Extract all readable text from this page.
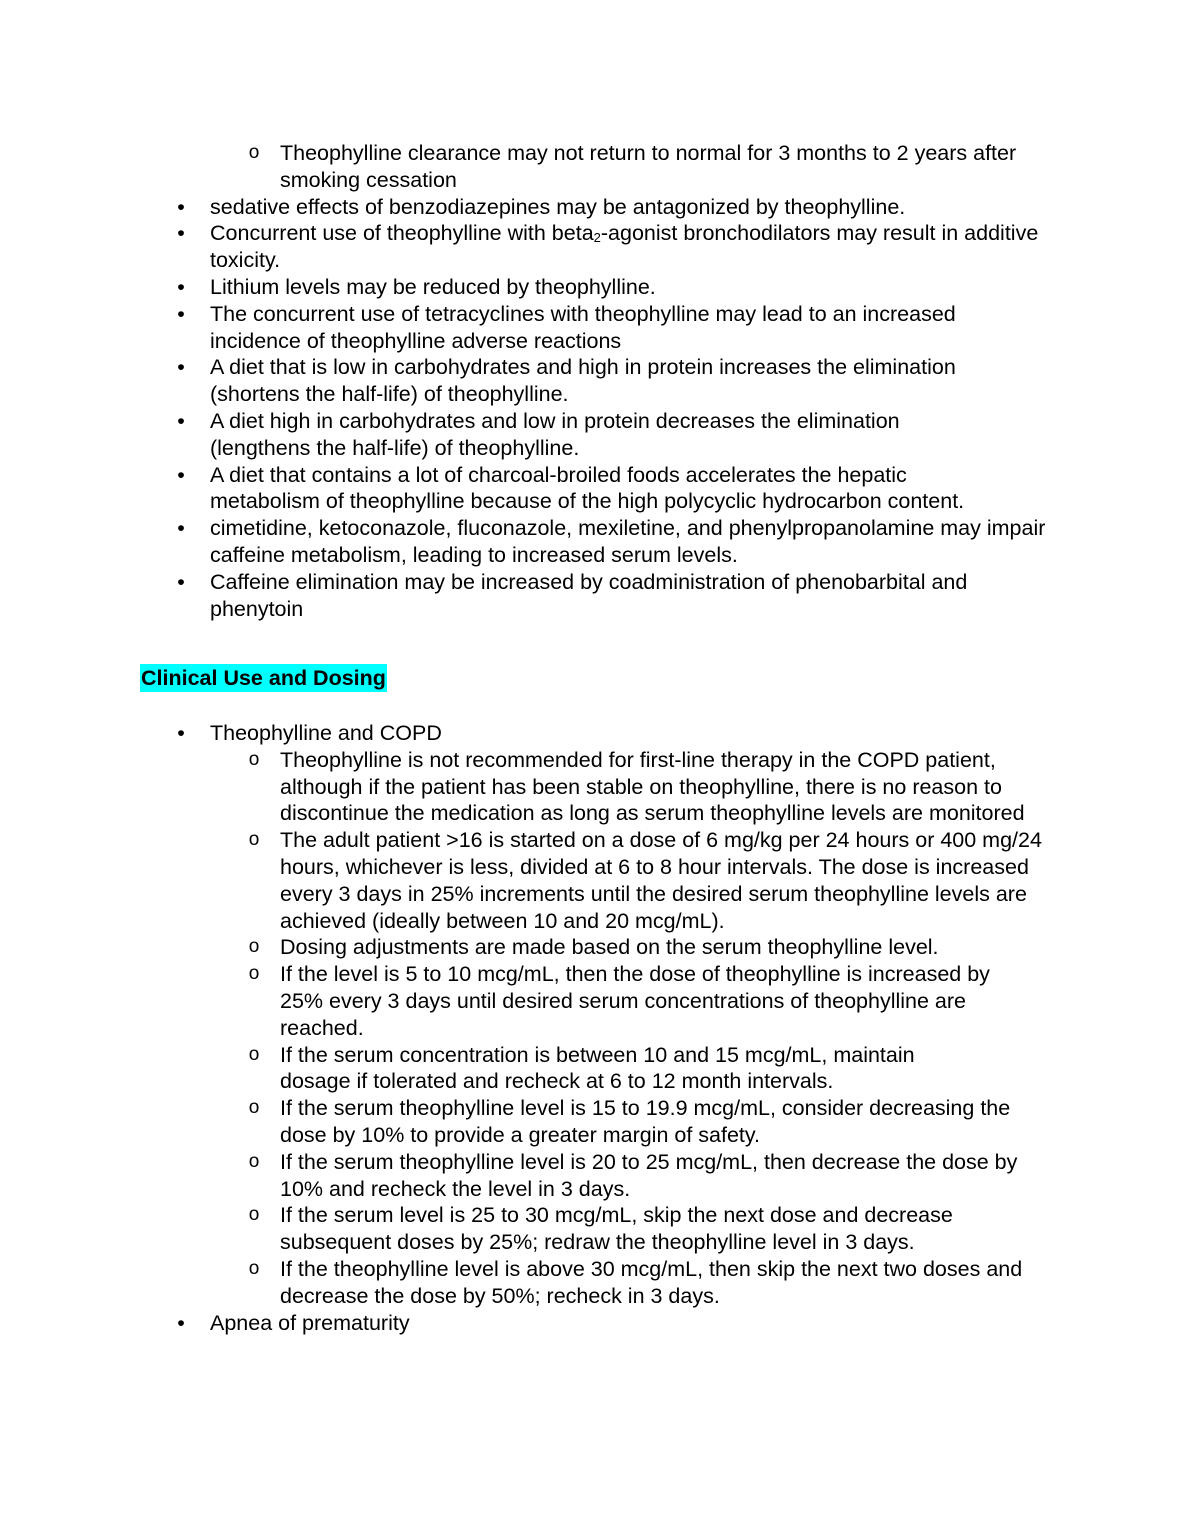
o Theophylline clearance may not return to normal for 3 months to 2 years after smoking cessation
•	sedative effects of benzodiazepines may be antagonized by theophylline.
•	Concurrent use of theophylline with beta$_2$-agonist bronchodilators may result in additive toxicity.
•	Lithium levels may be reduced by theophylline.
•	The concurrent use of tetracyclines with theophylline may lead to an increased incidence of theophylline adverse reactions
•	A diet that is low in carbohydrates and high in protein increases the elimination (shortens the half-life) of theophylline.
•	A diet high in carbohydrates and low in protein decreases the elimination (lengthens the half-life) of theophylline.
•	A diet that contains a lot of charcoal-broiled foods accelerates the hepatic metabolism of theophylline because of the high polycyclic hydrocarbon content.
•	cimetidine, ketoconazole, fluconazole, mexiletine, and phenylpropanolamine may impair caffeine metabolism, leading to increased serum levels.
•	Caffeine elimination may be increased by coadministration of phenobarbital and phenytoin
Clinical Use and Dosing
•	Theophylline and COPD
o Theophylline is not recommended for first-line therapy in the COPD patient, although if the patient has been stable on theophylline, there is no reason to discontinue the medication as long as serum theophylline levels are monitored
o The adult patient >16 is started on a dose of 6 mg/kg per 24 hours or 400 mg/24 hours, whichever is less, divided at 6 to 8 hour intervals. The dose is increased every 3 days in 25% increments until the desired serum theophylline levels are achieved (ideally between 10 and 20 mcg/mL).
o Dosing adjustments are made based on the serum theophylline level.
o If the level is 5 to 10 mcg/mL, then the dose of theophylline is increased by 25% every 3 days until desired serum concentrations of theophylline are reached.
o If the serum concentration is between 10 and 15 mcg/mL, maintain dosage if tolerated and recheck at 6 to 12 month intervals.
o If the serum theophylline level is 15 to 19.9 mcg/mL, consider decreasing the dose by 10% to provide a greater margin of safety.
o If the serum theophylline level is 20 to 25 mcg/mL, then decrease the dose by 10% and recheck the level in 3 days.
o If the serum level is 25 to 30 mcg/mL, skip the next dose and decrease subsequent doses by 25%; redraw the theophylline level in 3 days.
o If the theophylline level is above 30 mcg/mL, then skip the next two doses and decrease the dose by 50%; recheck in 3 days.
•	Apnea of prematurity
